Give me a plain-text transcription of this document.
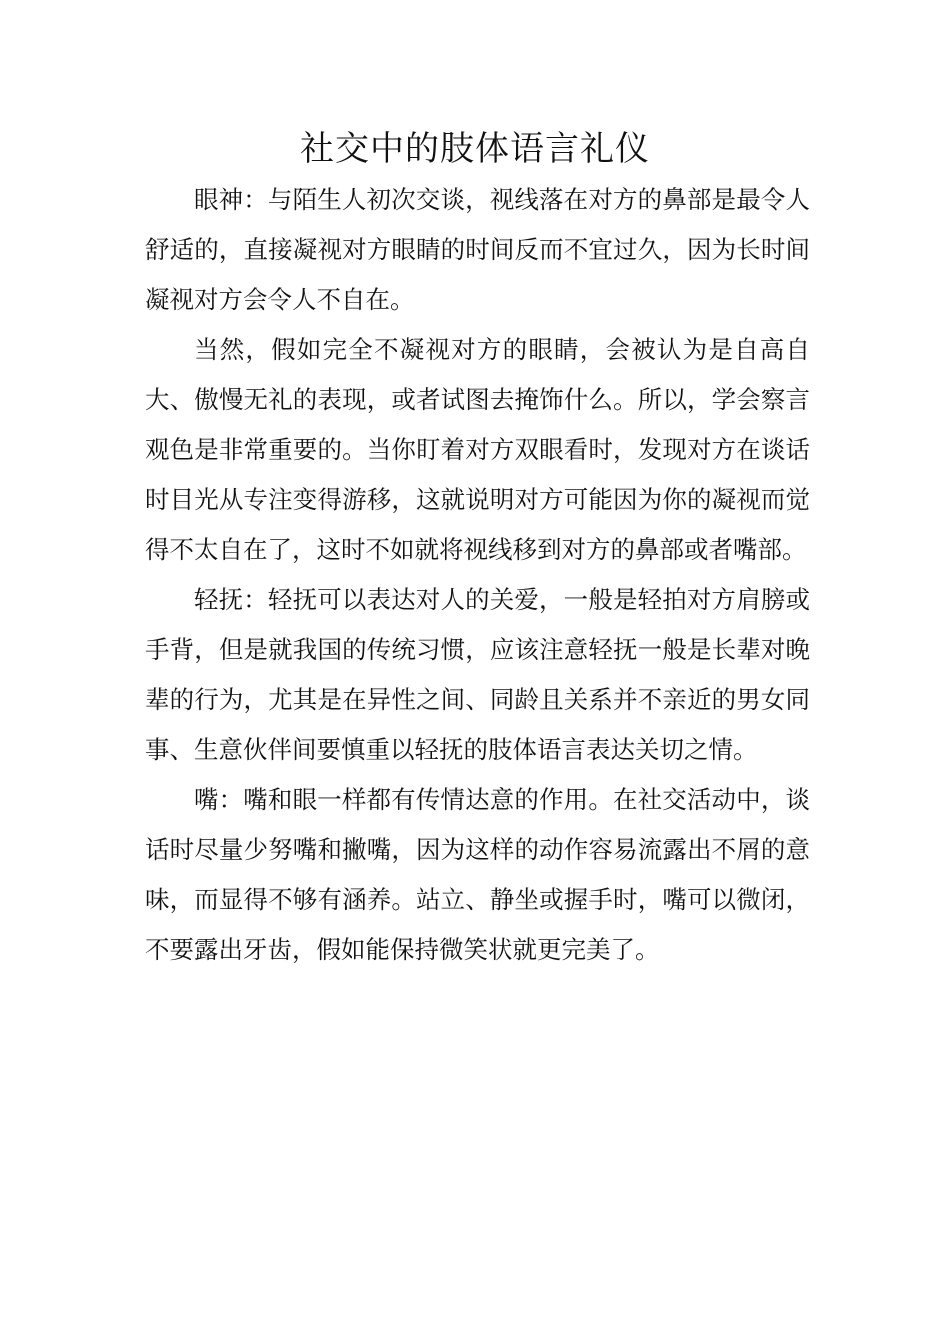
社交中的肢体语言礼仪

眼神：与陌生人初次交谈，视线落在对方的鼻部是最令人舒适的，直接凝视对方眼睛的时间反而不宜过久，因为长时间凝视对方会令人不自在。

当然，假如完全不凝视对方的眼睛，会被认为是自高自大、傲慢无礼的表现，或者试图去掩饰什么。所以，学会察言观色是非常重要的。当你盯着对方双眼看时，发现对方在谈话时目光从专注变得游移，这就说明对方可能因为你的凝视而觉得不太自在了，这时不如就将视线移到对方的鼻部或者嘴部。

轻抚：轻抚可以表达对人的关爱，一般是轻拍对方肩膀或手背，但是就我国的传统习惯，应该注意轻抚一般是长辈对晚辈的行为，尤其是在异性之间、同龄且关系并不亲近的男女同事、生意伙伴间要慎重以轻抚的肢体语言表达关切之情。

嘴：嘴和眼一样都有传情达意的作用。在社交活动中，谈话时尽量少努嘴和撇嘴，因为这样的动作容易流露出不屑的意味，而显得不够有涵养。站立、静坐或握手时，嘴可以微闭，不要露出牙齿，假如能保持微笑状就更完美了。
